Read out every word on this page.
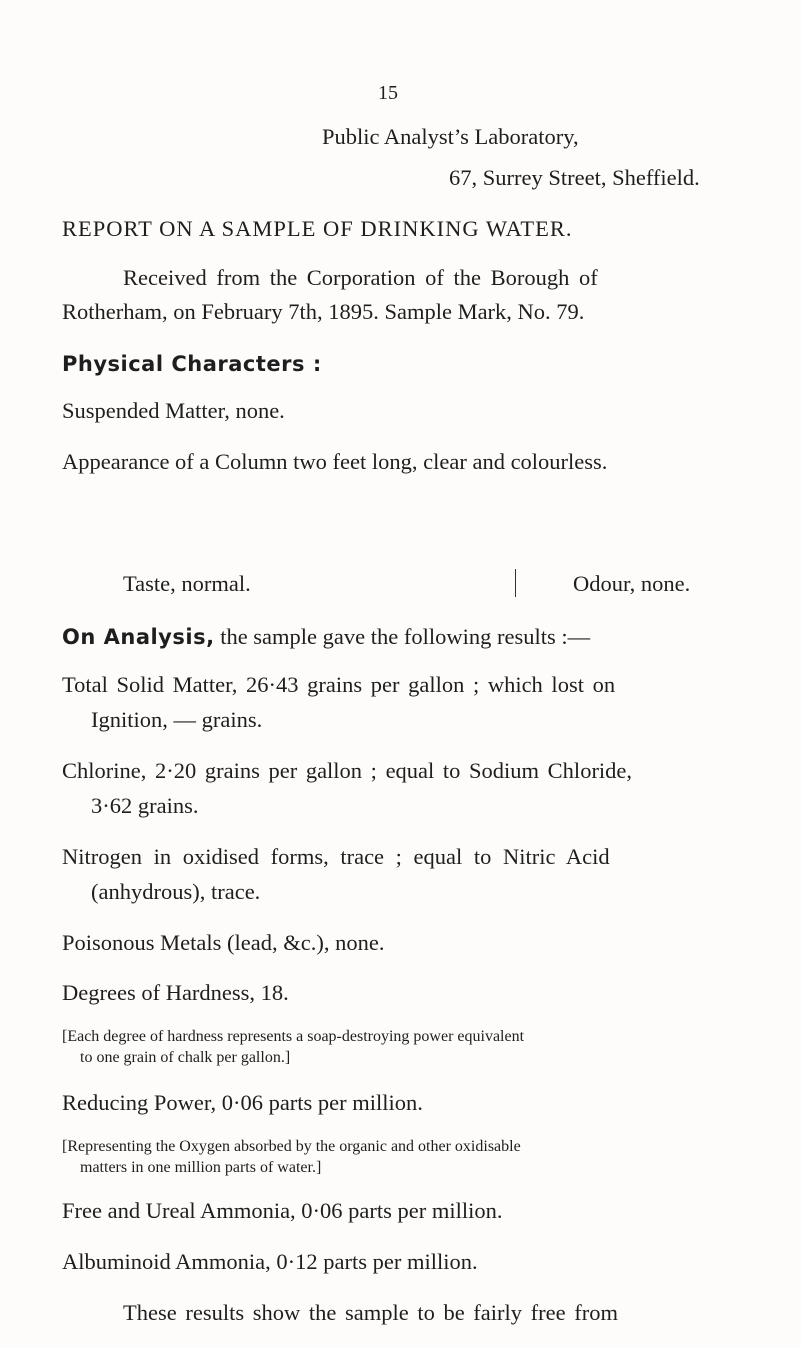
15
Public Analyst’s Laboratory,
67, Surrey Street, Sheffield.
REPORT ON A SAMPLE OF DRINKING WATER.
Received from the Corporation of the Borough of
Rotherham, on February 7th, 1895. Sample Mark, No. 79.
Physical Characters :
Suspended Matter, none.
Appearance of a Column two feet long, clear and colourless.
Taste, normal.	Odour, none.
On Analysis, the sample gave the following results :—
Total Solid Matter, 26·43 grains per gallon ; which lost on
Ignition, — grains.
Chlorine, 2·20 grains per gallon ; equal to Sodium Chloride,
3·62 grains.
Nitrogen in oxidised forms, trace ; equal to Nitric Acid
(anhydrous), trace.
Poisonous Metals (lead, &c.), none.
Degrees of Hardness, 18.
[Each degree of hardness represents a soap-destroying power equivalent
to one grain of chalk per gallon.]
Reducing Power, 0·06 parts per million.
[Representing the Oxygen absorbed by the organic and other oxidisable
matters in one million parts of water.]
Free and Ureal Ammonia, 0·06 parts per million.
Albuminoid Ammonia, 0·12 parts per million.
These results show the sample to be fairly free from
